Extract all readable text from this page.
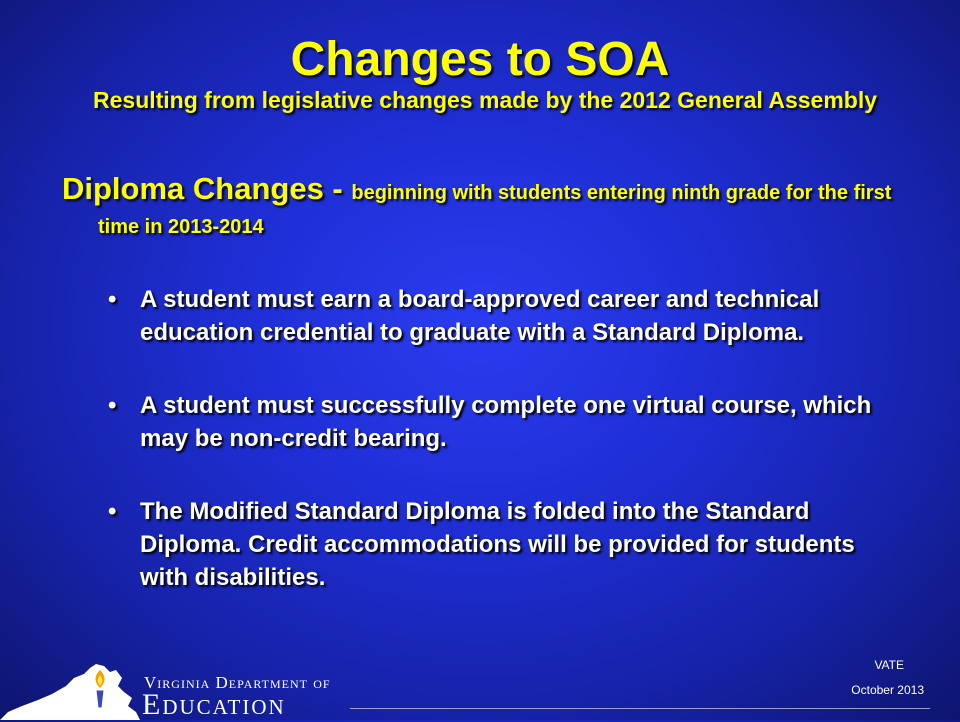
Changes to SOA
Resulting from legislative changes made by the 2012 General Assembly
Diploma Changes - beginning with students entering ninth grade for the first time in 2013-2014
• A student must earn a board-approved career and technical education credential to graduate with a Standard Diploma.
• A student must successfully complete one virtual course, which may be non-credit bearing.
• The Modified Standard Diploma is folded into the Standard Diploma. Credit accommodations will be provided for students with disabilities.
Virginia Department of
Education
VATE
October 2013
